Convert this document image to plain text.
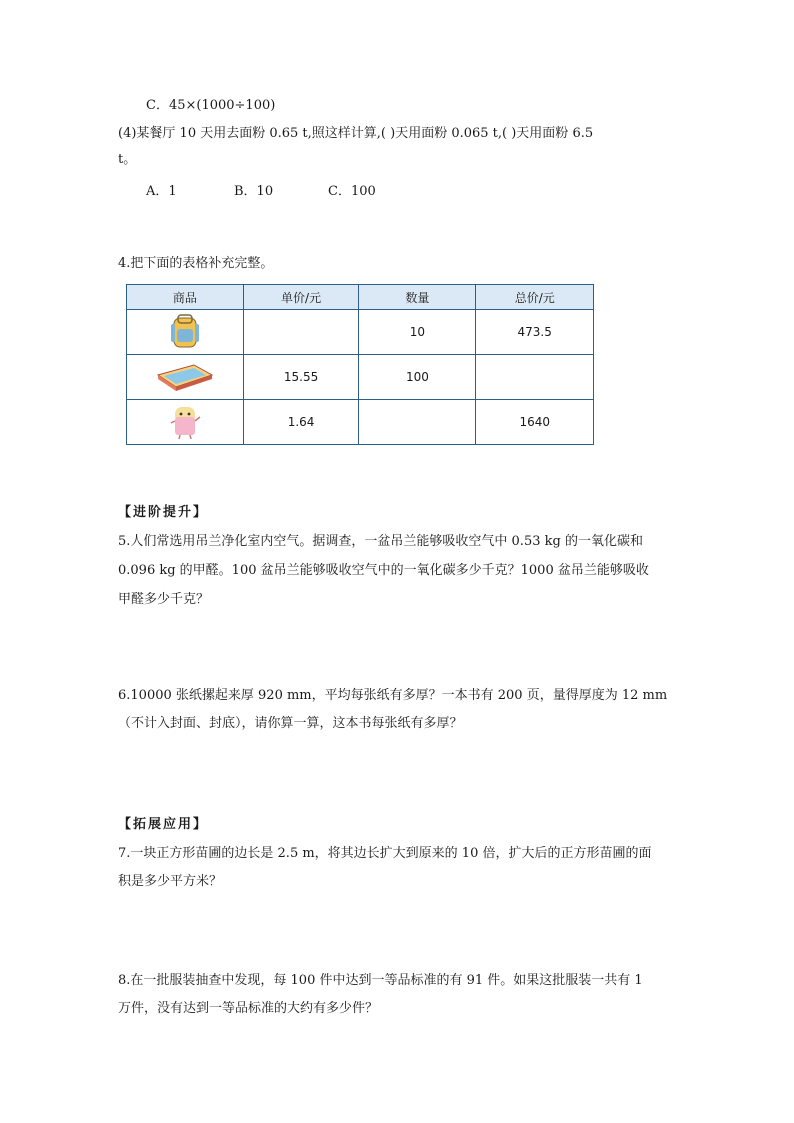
C．45×(1000÷100)
(4)某餐厅 10 天用去面粉 0.65 t,照这样计算,( )天用面粉 0.065 t,( )天用面粉 6.5
t。
A．1	B．10	C．100
4.把下面的表格补充完整。
商品	单价/元	数量	总价/元

		10	473.5

	15.55	100	

	1.64		1640
【进阶提升】
5.人们常选用吊兰净化室内空气。据调查，一盆吊兰能够吸收空气中 0.53 kg 的一氧化碳和
0.096 kg 的甲醛。100 盆吊兰能够吸收空气中的一氧化碳多少千克？1000 盆吊兰能够吸收
甲醛多少千克？
6.10000 张纸摞起来厚 920 mm，平均每张纸有多厚？一本书有 200 页，量得厚度为 12 mm
（不计入封面、封底），请你算一算，这本书每张纸有多厚？
【拓展应用】
7.一块正方形苗圃的边长是 2.5 m，将其边长扩大到原来的 10 倍，扩大后的正方形苗圃的面
积是多少平方米？
8.在一批服装抽查中发现，每 100 件中达到一等品标准的有 91 件。如果这批服装一共有 1
万件，没有达到一等品标准的大约有多少件？
